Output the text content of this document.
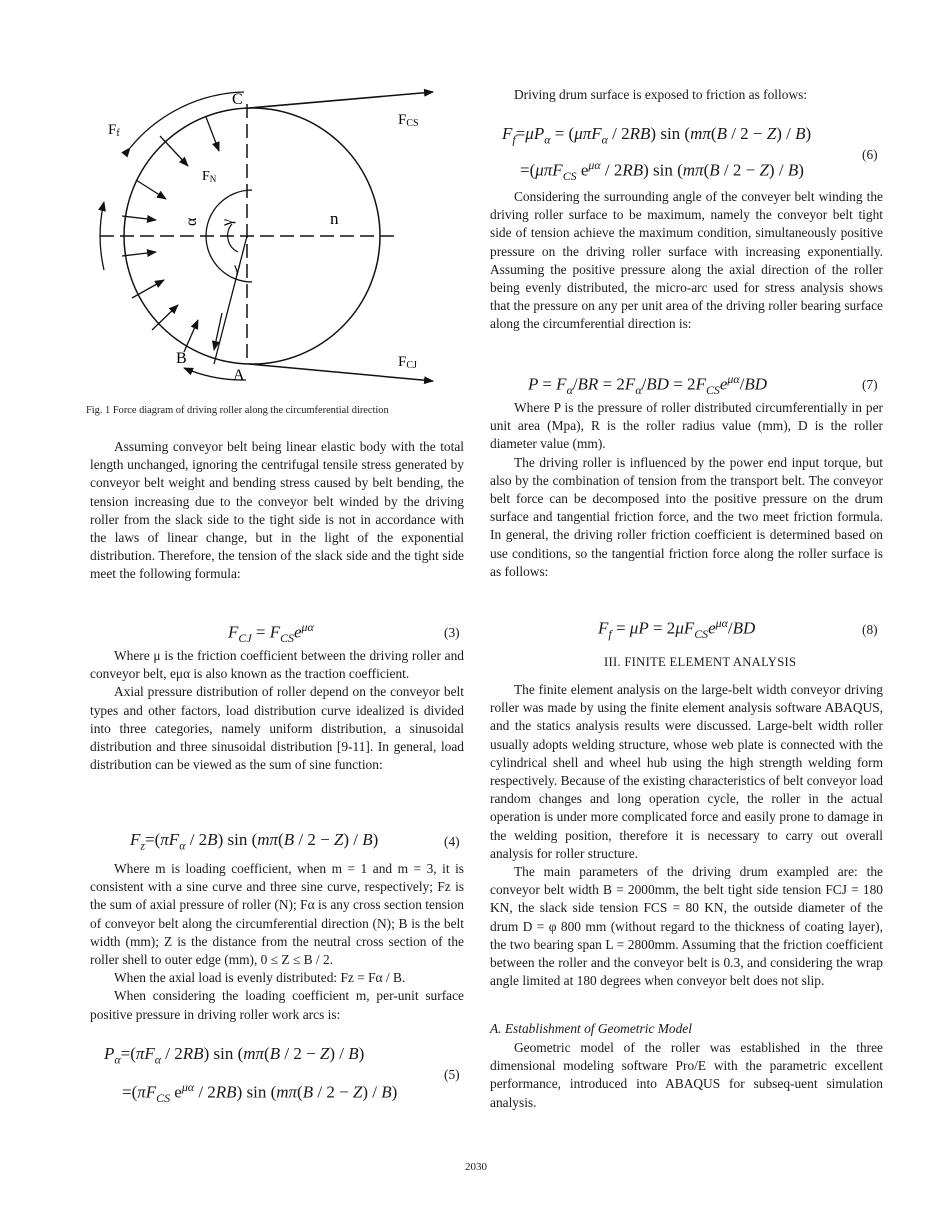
C
FCS
Ff
FN
α γ	n
γ
B
A
FCJ
Fig. 1 Force diagram of driving roller along the circumferential direction

Assuming conveyor belt being linear elastic body with the total length unchanged, ignoring the centrifugal tensile stress generated by conveyor belt weight and bending stress caused by belt bending, the tension increasing due to the conveyor belt winded by the driving roller from the slack side to the tight side is not in accordance with the laws of linear change, but in the light of the exponential distribution. Therefore, the tension of the slack side and the tight side meet the following formula:

$F_{CJ} = F_{CS}e^{\mu\alpha}$	(3)

Where μ is the friction coefficient between the driving roller and conveyor belt, eμα is also known as the traction coefficient.

Axial pressure distribution of roller depend on the conveyor belt types and other factors, load distribution curve idealized is divided into three categories, namely uniform distribution, a sinusoidal distribution and three sinusoidal distribution [9-11]. In general, load distribution can be viewed as the sum of sine function:

$F_z=(\pi F_\alpha / 2B)$ sin (mπ(B / 2 − Z) / B)	(4)

Where m is loading coefficient, when m = 1 and m = 3, it is consistent with a sine curve and three sine curve, respectively; Fz is the sum of axial pressure of roller (N); Fα is any cross section tension of conveyor belt along the circumferential direction (N); B is the belt width (mm); Z is the distance from the neutral cross section of the roller shell to outer edge (mm), 0 ≤ Z ≤ B / 2.

When the axial load is evenly distributed: Fz = Fα / B.

When considering the loading coefficient m, per-unit surface positive pressure in driving roller work arcs is:

$P_\alpha=(\pi F_\alpha / 2RB)$ sin (mπ(B / 2 − Z) / B)
$=(\pi F_{CS}$ $e^{\mu\alpha} / 2RB$) sin (mπ(B / 2 − Z) / B)
(5)

Driving drum surface is exposed to friction as follows:

$F_f=\mu P_\alpha = (\mu\pi F_\alpha / 2RB)$ sin (mπ(B / 2 − Z) / B)
=(μπF$_{CS}$ $e^{\mu\alpha} / 2RB$) sin (mπ(B / 2 − Z) / B)
(6)

Considering the surrounding angle of the conveyer belt winding the driving roller surface to be maximum, namely the conveyor belt tight side of tension achieve the maximum condition, simultaneously positive pressure on the driving roller surface with increasing exponentially. Assuming the positive pressure along the axial direction of the roller being evenly distributed, the micro-arc used for stress analysis shows that the pressure on any per unit area of the driving roller bearing surface along the circumferential direction is:

$P = F_\alpha/BR = 2F_\alpha/BD = 2F_{CS}e^{\mu\alpha}/BD$	(7)

Where P is the pressure of roller distributed circumferentially in per unit area (Mpa), R is the roller radius value (mm), D is the roller diameter value (mm).

The driving roller is influenced by the power end input torque, but also by the combination of tension from the transport belt. The conveyor belt force can be decomposed into the positive pressure on the drum surface and tangential friction force, and the two meet friction formula. In general, the driving roller friction coefficient is determined based on use conditions, so the tangential friction force along the roller surface is as follows:

$F_f = \mu P = 2\mu F_{CS}e^{\mu\alpha}/BD$	(8)
III. FINITE ELEMENT ANALYSIS

The finite element analysis on the large-belt width conveyor driving roller was made by using the finite element analysis software ABAQUS, and the statics analysis results were discussed. Large-belt width roller usually adopts welding structure, whose web plate is connected with the cylindrical shell and wheel hub using the high strength welding form respectively. Because of the existing characteristics of belt conveyor load random changes and long operation cycle, the roller in the actual operation is under more complicated force and easily prone to damage in the welding position, therefore it is necessary to carry out overall analysis for roller structure.

The main parameters of the driving drum exampled are: the conveyor belt width B = 2000mm, the belt tight side tension FCJ = 180 KN, the slack side tension FCS = 80 KN, the outside diameter of the drum D = φ 800 mm (without regard to the thickness of coating layer), the two bearing span L = 2800mm. Assuming that the friction coefficient between the roller and the conveyor belt is 0.3, and considering the wrap angle limited at 180 degrees when conveyor belt does not slip.

A. Establishment of Geometric Model

Geometric model of the roller was established in the three dimensional modeling software Pro/E with the parametric excellent performance, introduced into ABAQUS for subseq-uent simulation analysis.

2030
